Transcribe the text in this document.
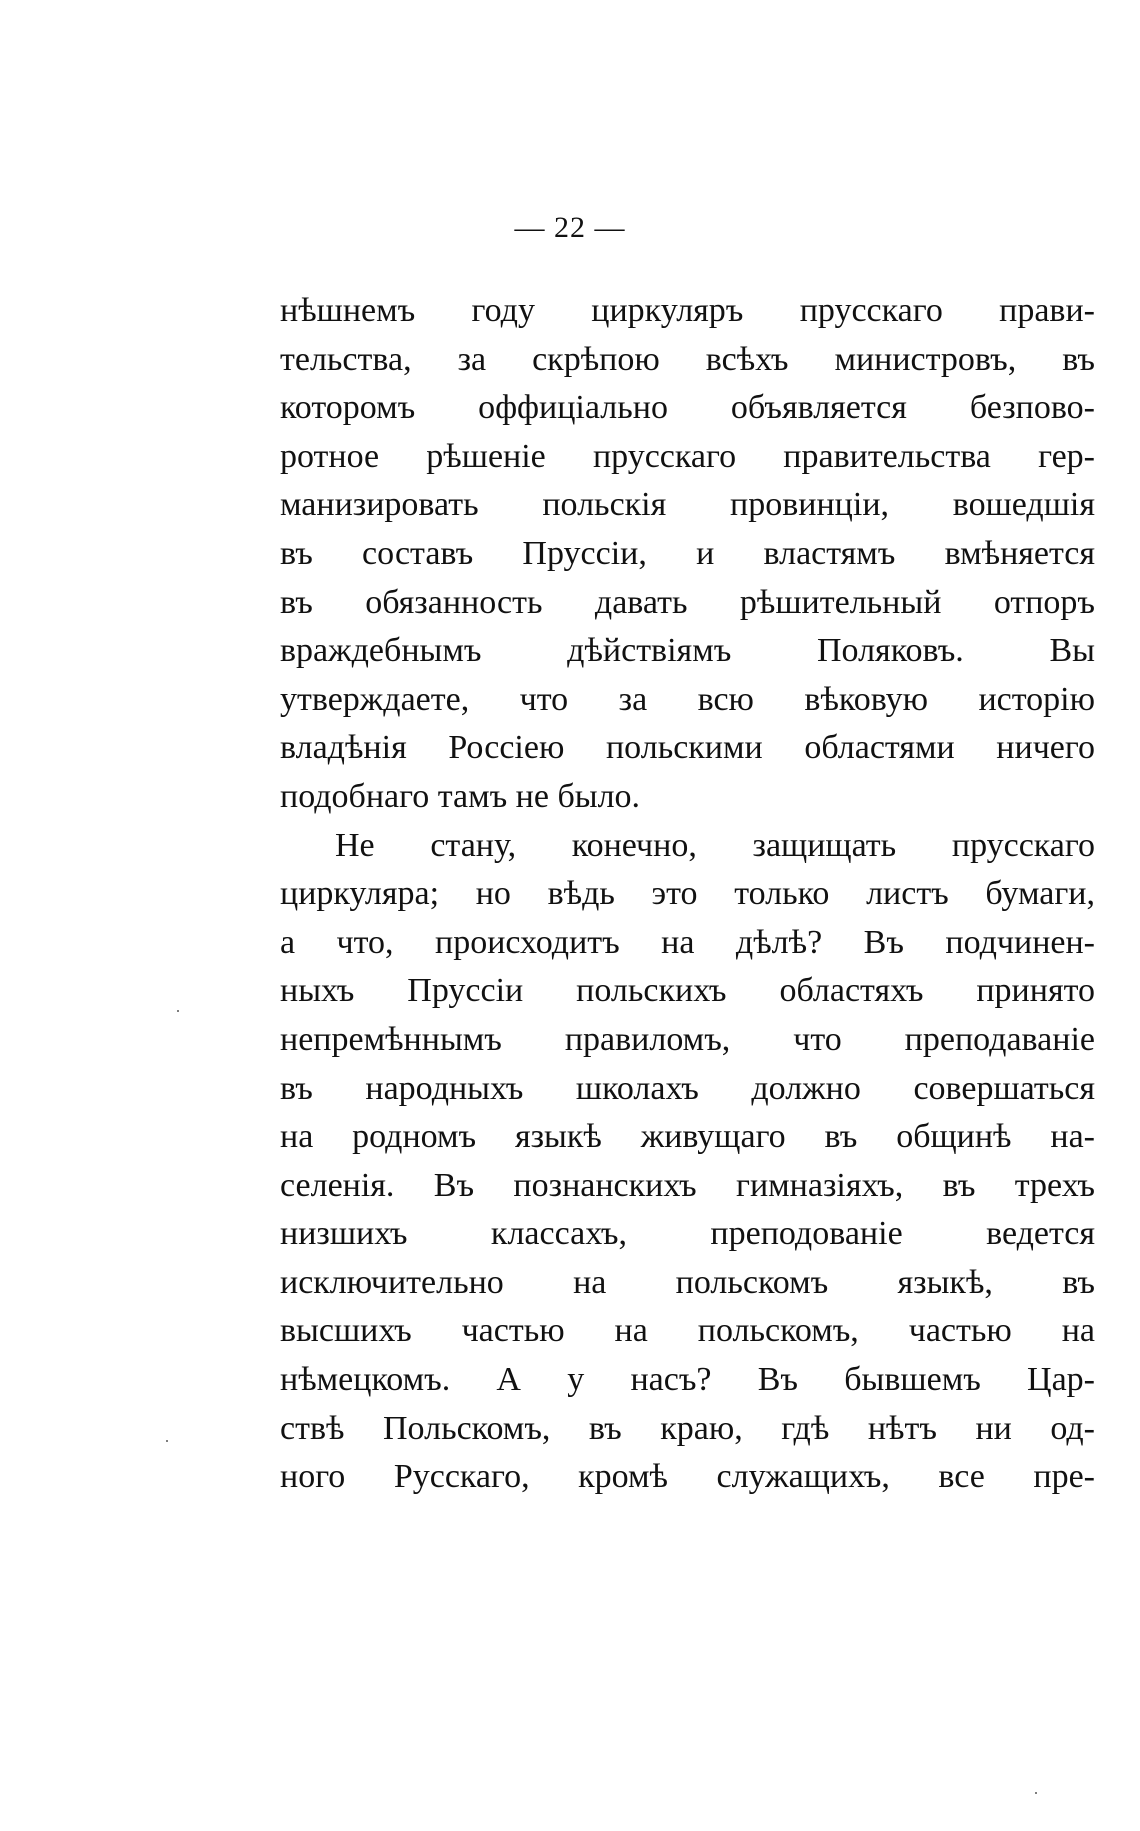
— 22 —
нѣшнемъ году циркуляръ прусскаго прави-
тельства, за скрѣпою всѣхъ министровъ, въ
которомъ оффиціально объявляется безпово-
ротное рѣшеніе прусскаго правительства гер-
манизировать польскія провинціи, вошедшія
въ составъ Пруссіи, и властямъ вмѣняется
въ обязанность давать рѣшительный отпоръ
враждебнымъ дѣйствіямъ Поляковъ. Вы
утверждаете, что за всю вѣковую исторію
владѣнія Россіею польскими областями ничего
подобнаго тамъ не было.
Не стану, конечно, защищать прусскаго
циркуляра; но вѣдь это только листъ бумаги,
а что, происходитъ на дѣлѣ? Въ подчинен-
ныхъ Пруссіи польскихъ областяхъ принято
непремѣннымъ правиломъ, что преподаваніе
въ народныхъ школахъ должно совершаться
на родномъ языкѣ живущаго въ общинѣ на-
селенія. Въ познанскихъ гимназіяхъ, въ трехъ
низшихъ классахъ, преподованіе ведется
исключительно на польскомъ языкѣ, въ
высшихъ частью на польскомъ, частью на
нѣмецкомъ. А у насъ? Въ бывшемъ Цар-
ствѣ Польскомъ, въ краю, гдѣ нѣтъ ни од-
ного Русскаго, кромѣ служащихъ, все пре-
